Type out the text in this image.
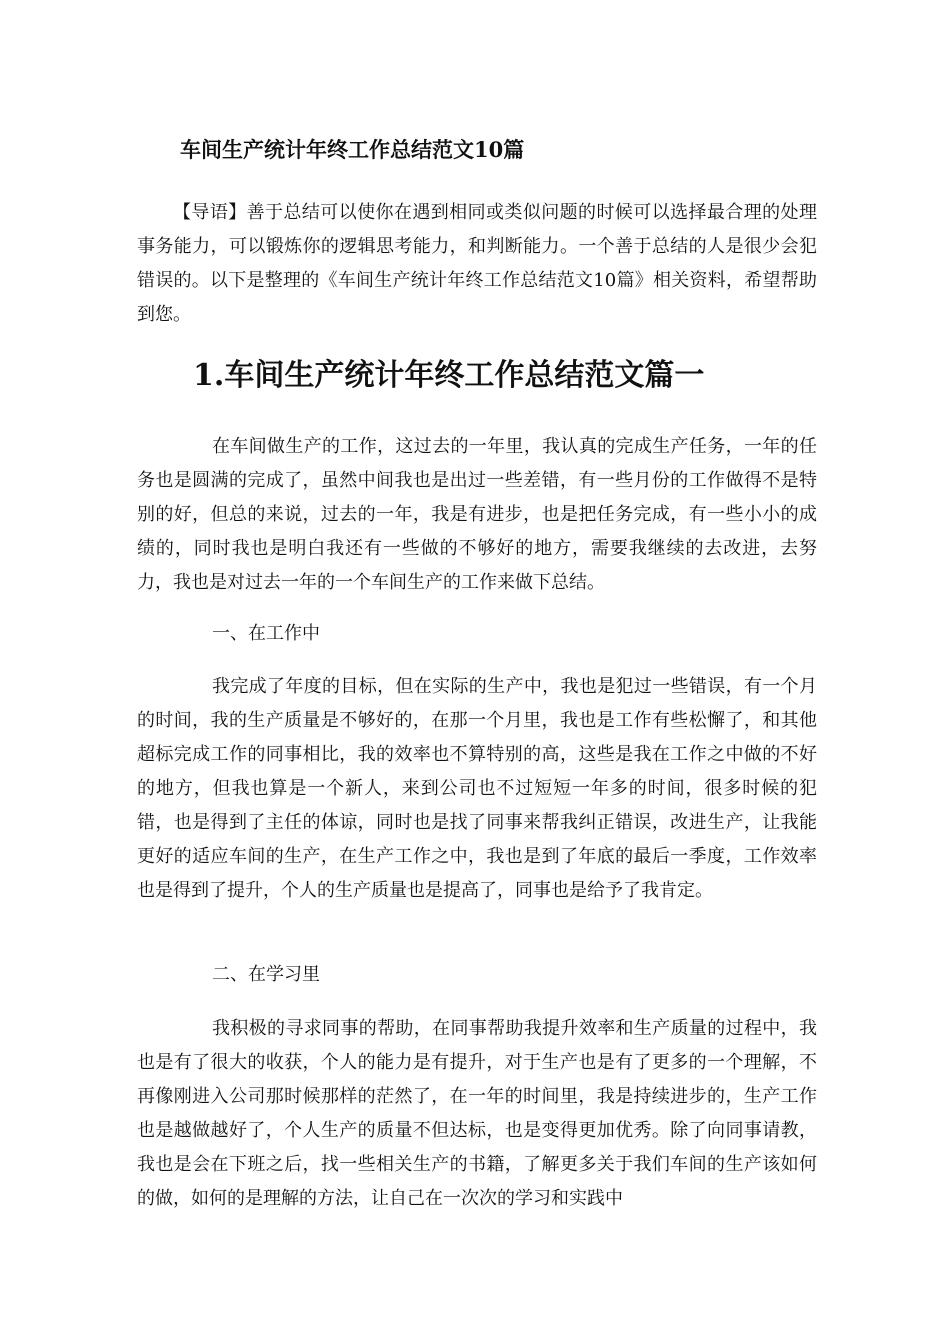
车间生产统计年终工作总结范文10篇

【导语】善于总结可以使你在遇到相同或类似问题的时候可以选择最合理的处理事务能力，可以锻炼你的逻辑思考能力，和判断能力。一个善于总结的人是很少会犯错误的。以下是整理的《车间生产统计年终工作总结范文10篇》相关资料，希望帮助到您。

1.车间生产统计年终工作总结范文篇一

在车间做生产的工作，这过去的一年里，我认真的完成生产任务，一年的任务也是圆满的完成了，虽然中间我也是出过一些差错，有一些月份的工作做得不是特别的好，但总的来说，过去的一年，我是有进步，也是把任务完成，有一些小小的成绩的，同时我也是明白我还有一些做的不够好的地方，需要我继续的去改进，去努力，我也是对过去一年的一个车间生产的工作来做下总结。

一、在工作中

我完成了年度的目标，但在实际的生产中，我也是犯过一些错误，有一个月的时间，我的生产质量是不够好的，在那一个月里，我也是工作有些松懈了，和其他超标完成工作的同事相比，我的效率也不算特别的高，这些是我在工作之中做的不好的地方，但我也算是一个新人，来到公司也不过短短一年多的时间，很多时候的犯错，也是得到了主任的体谅，同时也是找了同事来帮我纠正错误，改进生产，让我能更好的适应车间的生产，在生产工作之中，我也是到了年底的最后一季度，工作效率也是得到了提升，个人的生产质量也是提高了，同事也是给予了我肯定。

二、在学习里

我积极的寻求同事的帮助，在同事帮助我提升效率和生产质量的过程中，我也是有了很大的收获，个人的能力是有提升，对于生产也是有了更多的一个理解，不再像刚进入公司那时候那样的茫然了，在一年的时间里，我是持续进步的，生产工作也是越做越好了，个人生产的质量不但达标，也是变得更加优秀。除了向同事请教，我也是会在下班之后，找一些相关生产的书籍，了解更多关于我们车间的生产该如何的做，如何的是理解的方法，让自己在一次次的学习和实践中
